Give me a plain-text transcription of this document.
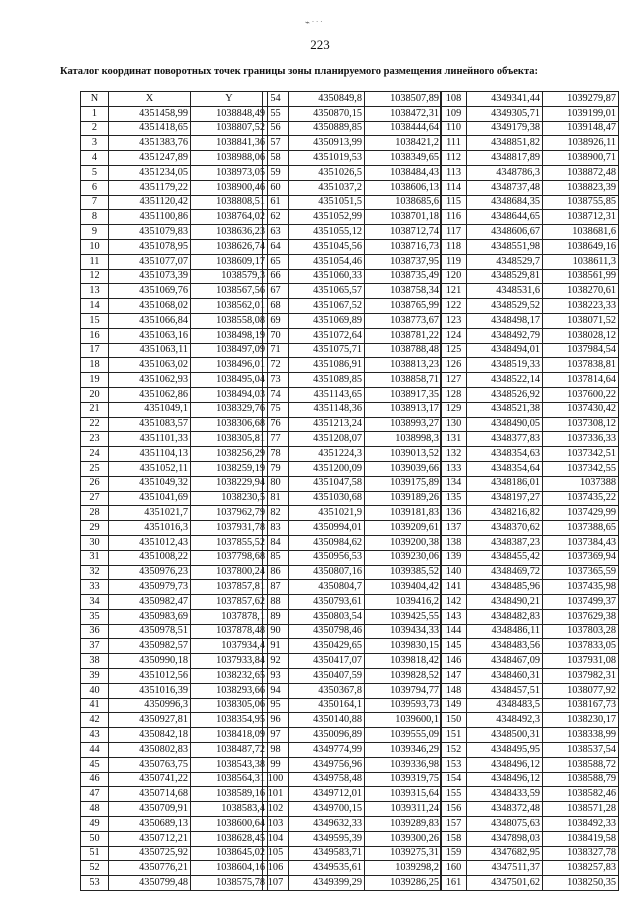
⌁ ˑ ˑ ˑ
223
Каталог координат поворотных точек границы зоны планируемого размещения линейного объекта:
N	X	Y
1	4351458,99	1038848,49
2	4351418,65	1038807,52
3	4351383,76	1038841,36
4	4351247,89	1038988,06
5	4351234,05	1038973,05
6	4351179,22	1038900,46
7	4351120,42	1038808,51
8	4351100,86	1038764,02
9	4351079,83	1038636,23
10	4351078,95	1038626,74
11	4351077,07	1038609,17
12	4351073,39	1038579,3
13	4351069,76	1038567,56
14	4351068,02	1038562,01
15	4351066,84	1038558,08
16	4351063,16	1038498,19
17	4351063,11	1038497,09
18	4351063,02	1038496,01
19	4351062,93	1038495,04
20	4351062,86	1038494,03
21	4351049,1	1038329,76
22	4351083,57	1038306,68
23	4351101,33	1038305,81
24	4351104,13	1038256,29
25	4351052,11	1038259,19
26	4351049,32	1038229,94
27	4351041,69	1038230,5
28	4351021,7	1037962,79
29	4351016,3	1037931,78
30	4351012,43	1037855,52
31	4351008,22	1037798,68
32	4350976,23	1037800,24
33	4350979,73	1037857,81
34	4350982,47	1037857,62
35	4350983,69	1037878,1
36	4350978,51	1037878,48
37	4350982,57	1037934,4
38	4350990,18	1037933,84
39	4351012,56	1038232,65
40	4351016,39	1038293,66
41	4350996,3	1038305,06
42	4350927,81	1038354,95
43	4350842,18	1038418,09
44	4350802,83	1038487,72
45	4350763,75	1038543,38
46	4350741,22	1038564,31
47	4350714,68	1038589,16
48	4350709,91	1038583,4
49	4350689,13	1038600,64
50	4350712,21	1038628,45
51	4350725,92	1038645,02
52	4350776,21	1038604,16
53	4350799,48	1038575,78
54	4350849,8	1038507,89
55	4350870,15	1038472,31
56	4350889,85	1038444,64
57	4350913,99	1038421,2
58	4351019,53	1038349,65
59	4351026,5	1038484,43
60	4351037,2	1038606,13
61	4351051,5	1038685,6
62	4351052,99	1038701,18
63	4351055,12	1038712,74
64	4351045,56	1038716,73
65	4351054,46	1038737,95
66	4351060,33	1038735,49
67	4351065,57	1038758,34
68	4351067,52	1038765,99
69	4351069,89	1038773,67
70	4351072,64	1038781,22
71	4351075,71	1038788,48
72	4351086,91	1038813,23
73	4351089,85	1038858,71
74	4351143,65	1038917,35
75	4351148,36	1038913,17
76	4351213,24	1038993,27
77	4351208,07	1038998,3
78	4351224,3	1039013,52
79	4351200,09	1039039,66
80	4351047,58	1039175,89
81	4351030,68	1039189,26
82	4351021,9	1039181,83
83	4350994,01	1039209,61
84	4350984,62	1039200,38
85	4350956,53	1039230,06
86	4350807,16	1039385,52
87	4350804,7	1039404,42
88	4350793,61	1039416,2
89	4350803,54	1039425,55
90	4350798,46	1039434,33
91	4350429,65	1039830,15
92	4350417,07	1039818,42
93	4350407,59	1039828,52
94	4350367,8	1039794,77
95	4350164,1	1039593,73
96	4350140,88	1039600,1
97	4350096,89	1039555,09
98	4349774,99	1039346,29
99	4349756,96	1039336,98
100	4349758,48	1039319,75
101	4349712,01	1039315,64
102	4349700,15	1039311,24
103	4349632,33	1039289,83
104	4349595,39	1039300,26
105	4349583,71	1039275,31
106	4349535,61	1039298,2
107	4349399,29	1039286,25
108	4349341,44	1039279,87
109	4349305,71	1039199,01
110	4349179,38	1039148,47
111	4348851,82	1038926,11
112	4348817,89	1038900,71
113	4348786,3	1038872,48
114	4348737,48	1038823,39
115	4348684,35	1038755,85
116	4348644,65	1038712,31
117	4348606,67	1038681,6
118	4348551,98	1038649,16
119	4348529,7	1038611,3
120	4348529,81	1038561,99
121	4348531,6	1038270,61
122	4348529,52	1038223,33
123	4348498,17	1038071,52
124	4348492,79	1038028,12
125	4348494,01	1037984,54
126	4348519,33	1037838,81
127	4348522,14	1037814,64
128	4348526,92	1037600,22
129	4348521,38	1037430,42
130	4348490,05	1037308,12
131	4348377,83	1037336,33
132	4348354,63	1037342,51
133	4348354,64	1037342,55
134	4348186,01	1037388
135	4348197,27	1037435,22
136	4348216,82	1037429,99
137	4348370,62	1037388,65
138	4348387,23	1037384,43
139	4348455,42	1037369,94
140	4348469,72	1037365,59
141	4348485,96	1037435,98
142	4348490,21	1037499,37
143	4348482,83	1037629,38
144	4348486,11	1037803,28
145	4348483,56	1037833,05
146	4348467,09	1037931,08
147	4348460,31	1037982,31
148	4348457,51	1038077,92
149	4348483,5	1038167,73
150	4348492,3	1038230,17
151	4348500,31	1038338,99
152	4348495,95	1038537,54
153	4348496,12	1038588,72
154	4348496,12	1038588,79
155	4348433,59	1038582,46
156	4348372,48	1038571,28
157	4348075,63	1038492,33
158	4347898,03	1038419,58
159	4347682,95	1038327,78
160	4347511,37	1038257,83
161	4347501,62	1038250,35
